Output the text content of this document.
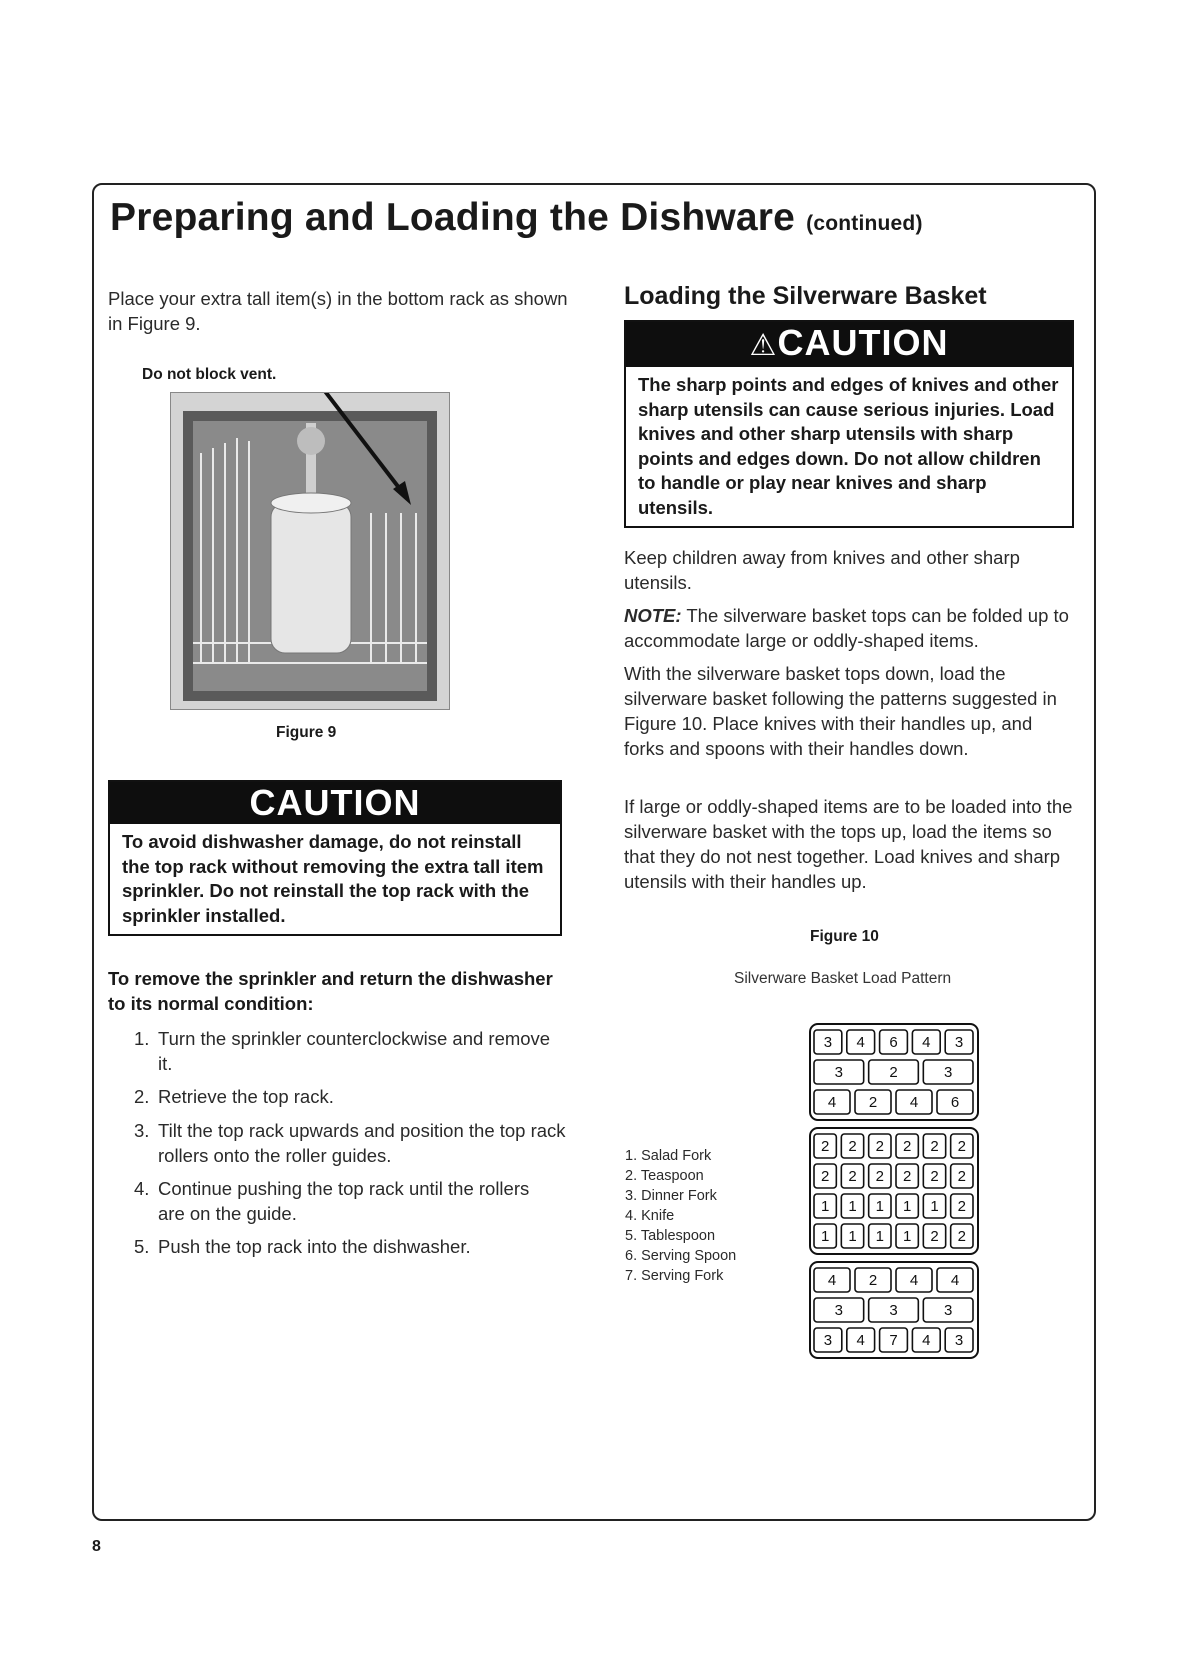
Preparing and Loading the Dishware (continued)

Place your extra tall item(s) in the bottom rack as shown in Figure 9.

Do not block vent.
Figure 9
CAUTION
To avoid dishwasher damage, do not reinstall the top rack without removing the extra tall item sprinkler. Do not reinstall the top rack with the sprinkler installed.
To remove the sprinkler and return the dishwasher to its normal condition:
1. Turn the sprinkler counterclockwise and remove it.
2. Retrieve the top rack.
3. Tilt the top rack upwards and position the top rack rollers onto the roller guides.
4. Continue pushing the top rack until the rollers are on the guide.
5. Push the top rack into the dishwasher.
Loading the Silverware Basket
⚠CAUTION
The sharp points and edges of knives and other sharp utensils can cause serious injuries. Load knives and other sharp utensils with sharp points and edges down. Do not allow children to handle or play near knives and sharp utensils.

Keep children away from knives and other sharp utensils.

NOTE: The silverware basket tops can be folded up to accommodate large or oddly-shaped items.

With the silverware basket tops down, load the silverware basket following the patterns suggested in Figure 10. Place knives with their handles up, and forks and spoons with their handles down.

If large or oddly-shaped items are to be loaded into the silverware basket with the tops up, load the items so that they do not nest together. Load knives and sharp utensils with their handles up.

Figure 10
Silverware Basket Load Pattern
1. Salad Fork
2. Teaspoon
3. Dinner Fork
4. Knife
5. Tablespoon
6. Serving Spoon
7. Serving Fork
3 4 6 4 3
3	2	3
4 2 4 6
2 2 2 2 2 2
2 2 2 2 2 2
1 1 1 1 1 2
1 1 1 1 2 2
4 2 4 4
3	3	3
3 4 7 4 3
8
